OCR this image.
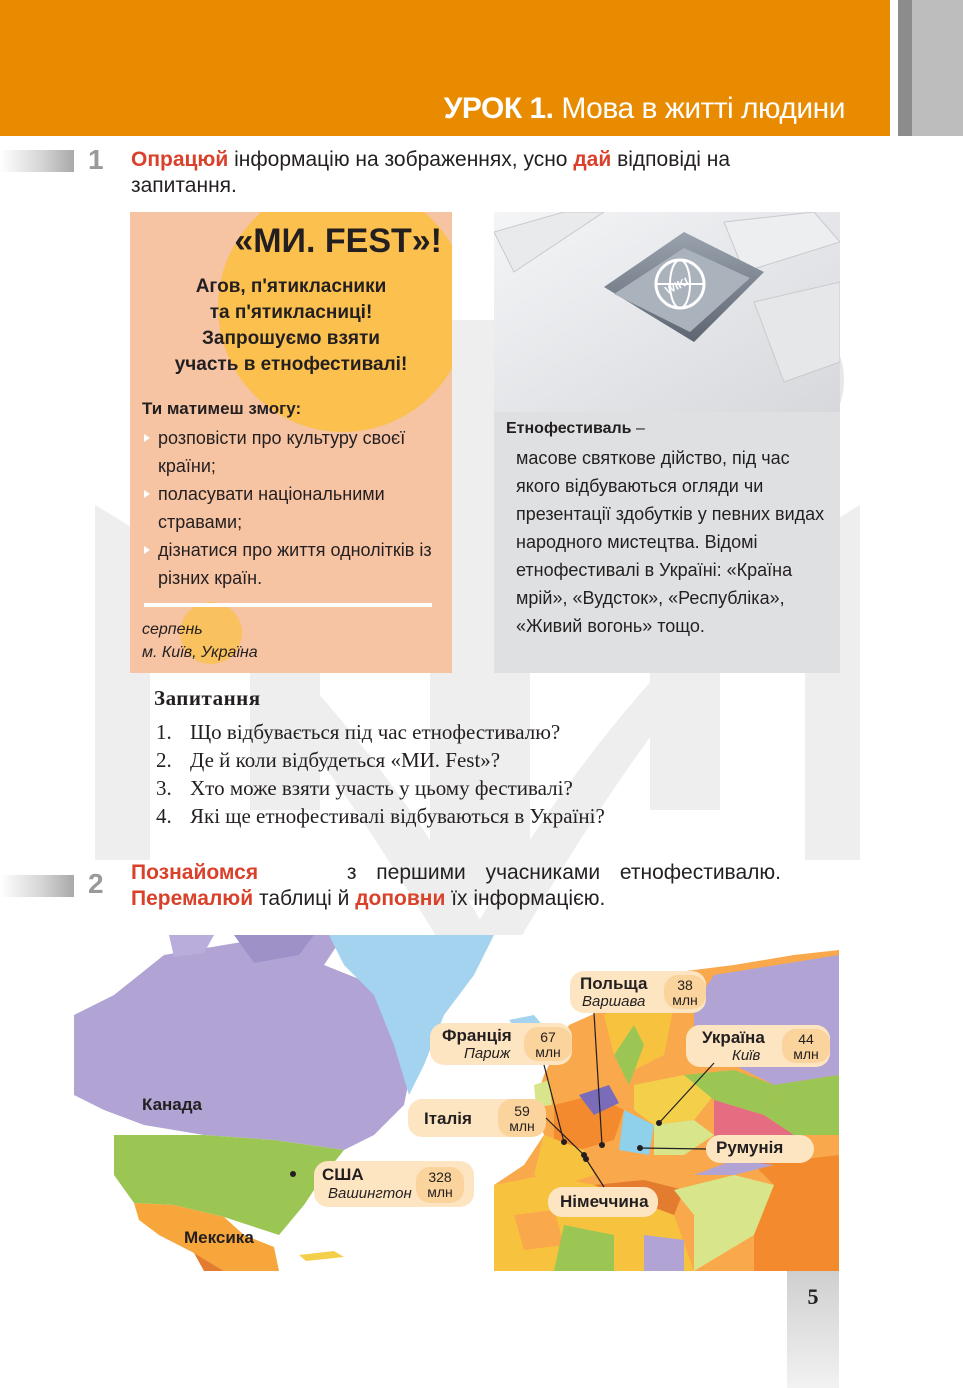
УРОК 1. Мова в житті людини
1 Опрацюй інформацію на зображеннях, усно дай відповіді на запитання.
«МИ. FEST»!
Агов, п'ятикласники
та п'ятикласниці!
Запрошуємо взяти
участь в етнофестивалі!
Ти матимеш змогу:
розповісти про культуру своєї країни;
поласувати національними стравами;
дізнатися про життя однолітків із різних країн.
серпень
м. Київ, Україна
WIKI
Етнофестиваль –
масове святкове дійство, під час якого відбуваються огляди чи презентації здобутків у певних видах народного мистецтва. Відомі етнофестивалі в Україні: «Країна мрій», «Вудсток», «Республіка», «Живий вогонь» тощо.
Запитання
1. Що відбувається під час етнофестивалю?
2. Де й коли відбудеться «МИ. Fest»?
3. Хто може взяти участь у цьому фестивалі?
4. Які ще етнофестивалі відбуваються в Україні?
2 Познайомся	з першими учасниками етнофестивалю.
Перемалюй таблиці й доповни їх інформацією.
Канада
Мексика
США
Вашингтон
328
млн
Польща
Варшава
38
млн
Франція
Париж
67
млн
Україна
Київ
44
млн
Італія	59
млн
Румунія
Німеччина
5
